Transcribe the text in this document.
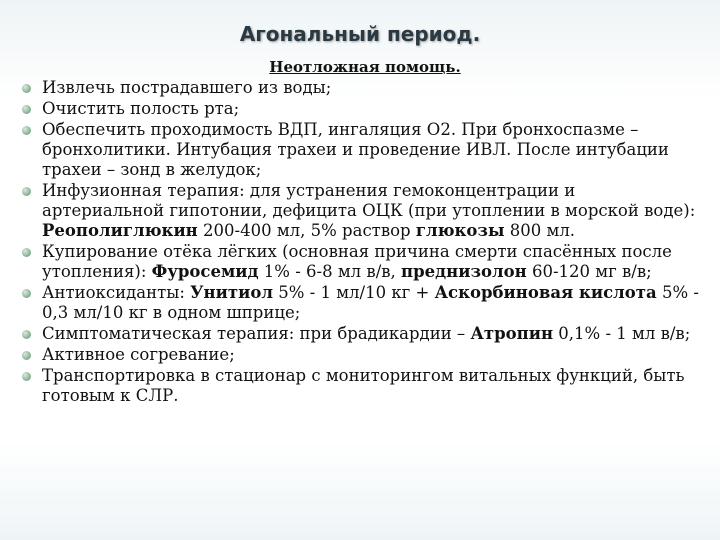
Агональный период.
Неотложная помощь.
Извлечь пострадавшего из воды;
Очистить полость рта;
Обеспечить проходимость ВДП, ингаляция О2. При бронхоспазме – бронхолитики. Интубация трахеи и проведение ИВЛ. После интубации трахеи – зонд в желудок;
Инфузионная терапия: для устранения гемоконцентрации и артериальной гипотонии, дефицита ОЦК (при утоплении в морской воде): Реополиглюкин 200-400 мл, 5% раствор глюкозы 800 мл.
Купирование отёка лёгких (основная причина смерти спасённых после утопления): Фуросемид 1% - 6-8 мл в/в, преднизолон 60-120 мг в/в;
Антиоксиданты: Унитиол 5% - 1 мл/10 кг + Аскорбиновая кислота 5% - 0,3 мл/10 кг в одном шприце;
Симптоматическая терапия: при брадикардии – Атропин 0,1% - 1 мл в/в;
Активное согревание;
Транспортировка в стационар с мониторингом витальных функций, быть готовым к СЛР.
